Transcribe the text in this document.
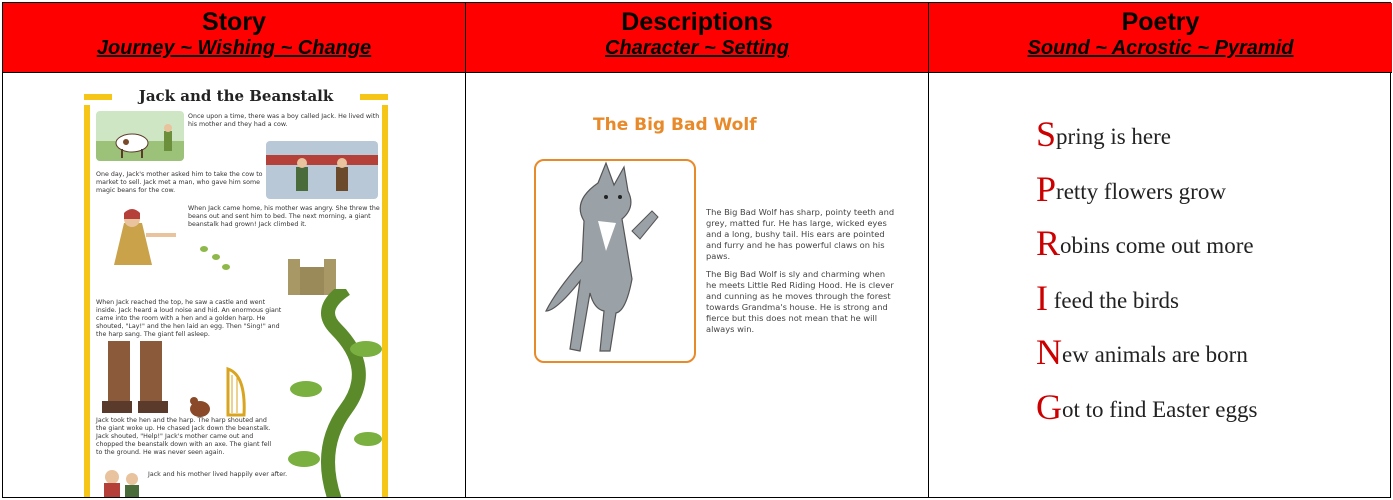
Story
Journey ~ Wishing ~ Change
Descriptions
Character ~ Setting
Poetry
Sound ~ Acrostic ~ Pyramid
Jack and the Beanstalk
Once upon a time, there was a boy called Jack. He lived with his mother and they had a cow.
One day, Jack's mother asked him to take the cow to market to sell. Jack met a man, who gave him some magic beans for the cow.
When Jack came home, his mother was angry. She threw the beans out and sent him to bed. The next morning, a giant beanstalk had grown! Jack climbed it.
When Jack reached the top, he saw a castle and went inside. Jack heard a loud noise and hid. An enormous giant came into the room with a hen and a golden harp. He shouted, "Lay!" and the hen laid an egg. Then "Sing!" and the harp sang. The giant fell asleep.
Jack took the hen and the harp. The harp shouted and the giant woke up. He chased Jack down the beanstalk. Jack shouted, "Help!" Jack's mother came out and chopped the beanstalk down with an axe. The giant fell to the ground. He was never seen again.
Jack and his mother lived happily ever after.
The Big Bad Wolf
The Big Bad Wolf has sharp, pointy teeth and grey, matted fur. He has large, wicked eyes and a long, bushy tail. His ears are pointed and furry and he has powerful claws on his paws.
The Big Bad Wolf is sly and charming when he meets Little Red Riding Hood. He is clever and cunning as he moves through the forest towards Grandma's house. He is strong and fierce but this does not mean that he will always win.
Spring is here
Pretty flowers grow
Robins come out more
I feed the birds
New animals are born
Got to find Easter eggs
